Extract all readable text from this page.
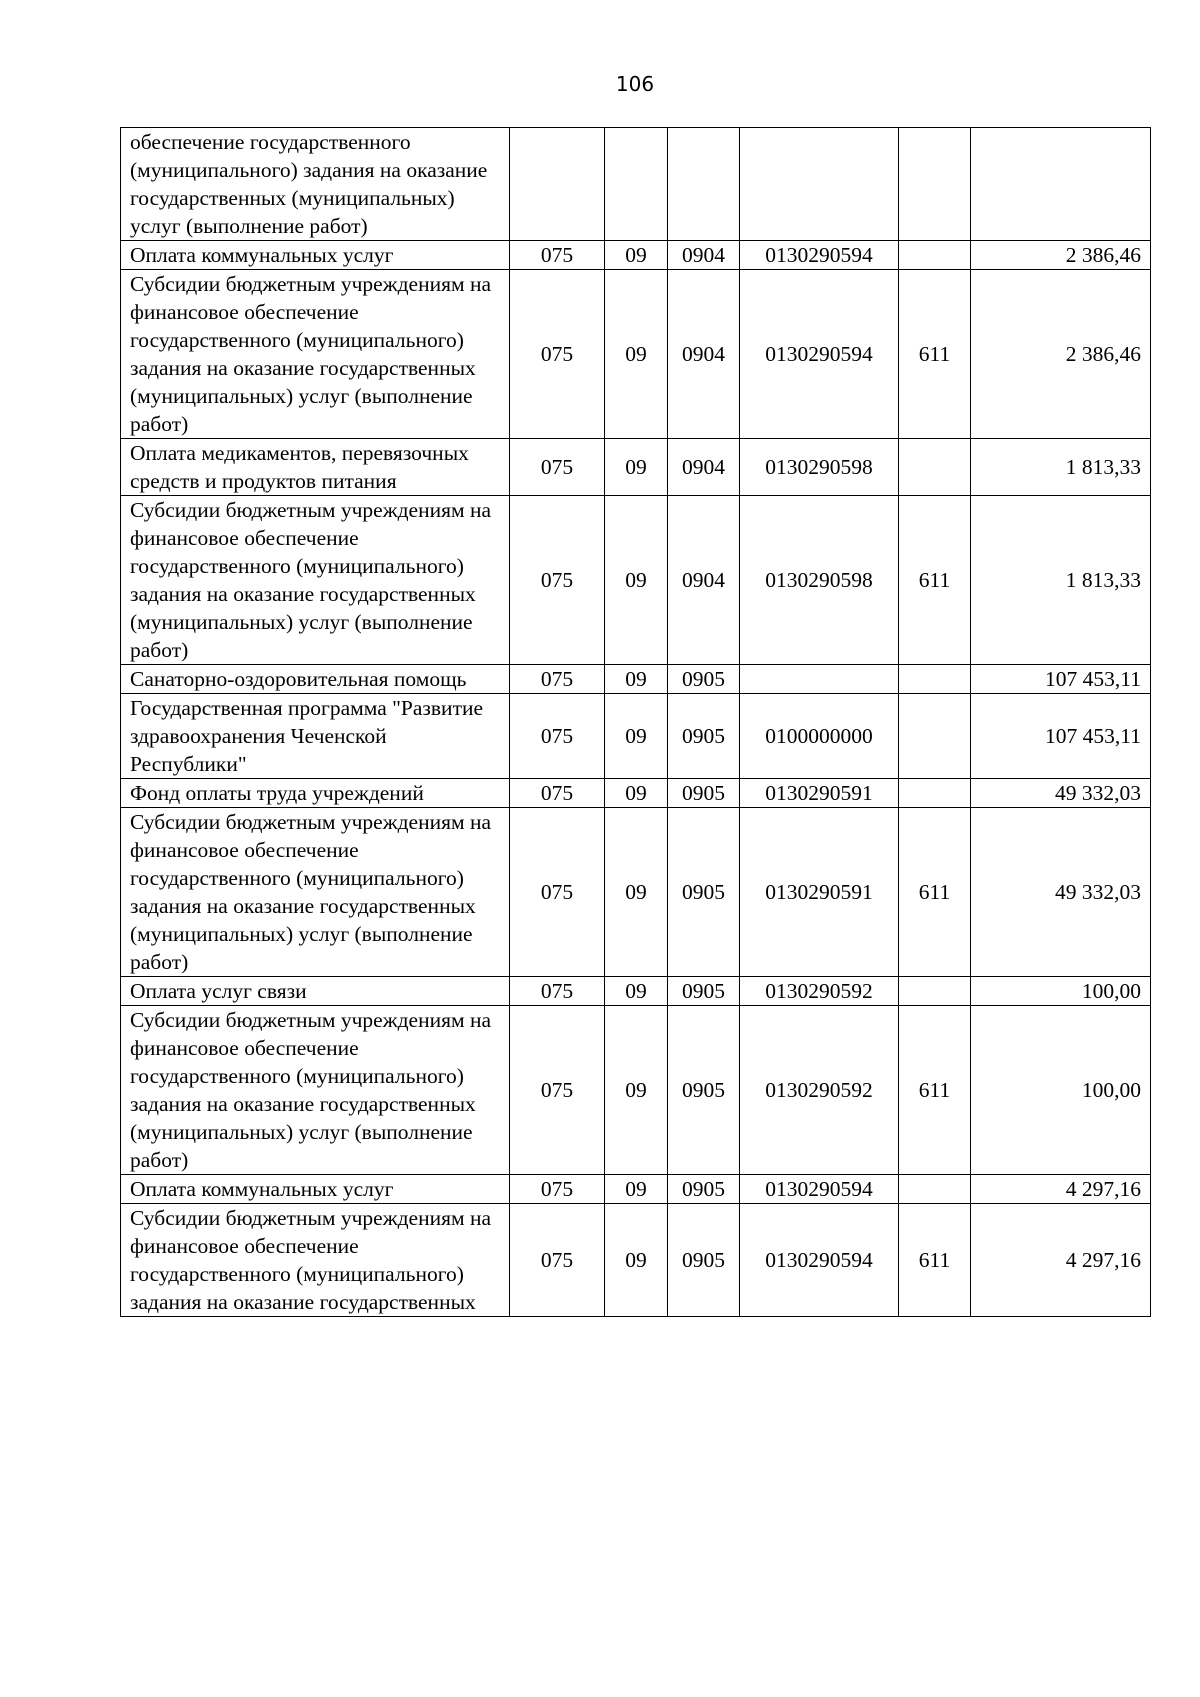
106
обеспечение государственного (муниципального) задания на оказание государственных (муниципальных) услуг (выполнение работ)						
Оплата коммунальных услуг	075	09	0904	0130290594		2 386,46
Субсидии бюджетным учреждениям на финансовое обеспечение государственного (муниципального) задания на оказание государственных (муниципальных) услуг (выполнение работ)	075	09	0904	0130290594	611	2 386,46
Оплата медикаментов, перевязочных средств и продуктов питания	075	09	0904	0130290598		1 813,33
Субсидии бюджетным учреждениям на финансовое обеспечение государственного (муниципального) задания на оказание государственных (муниципальных) услуг (выполнение работ)	075	09	0904	0130290598	611	1 813,33
Санаторно-оздоровительная помощь	075	09	0905			107 453,11
Государственная программа "Развитие здравоохранения Чеченской Республики"	075	09	0905	0100000000		107 453,11
Фонд оплаты труда учреждений	075	09	0905	0130290591		49 332,03
Субсидии бюджетным учреждениям на финансовое обеспечение государственного (муниципального) задания на оказание государственных (муниципальных) услуг (выполнение работ)	075	09	0905	0130290591	611	49 332,03
Оплата услуг связи	075	09	0905	0130290592		100,00
Субсидии бюджетным учреждениям на финансовое обеспечение государственного (муниципального) задания на оказание государственных (муниципальных) услуг (выполнение работ)	075	09	0905	0130290592	611	100,00
Оплата коммунальных услуг	075	09	0905	0130290594		4 297,16
Субсидии бюджетным учреждениям на финансовое обеспечение государственного (муниципального) задания на оказание государственных	075	09	0905	0130290594	611	4 297,16
